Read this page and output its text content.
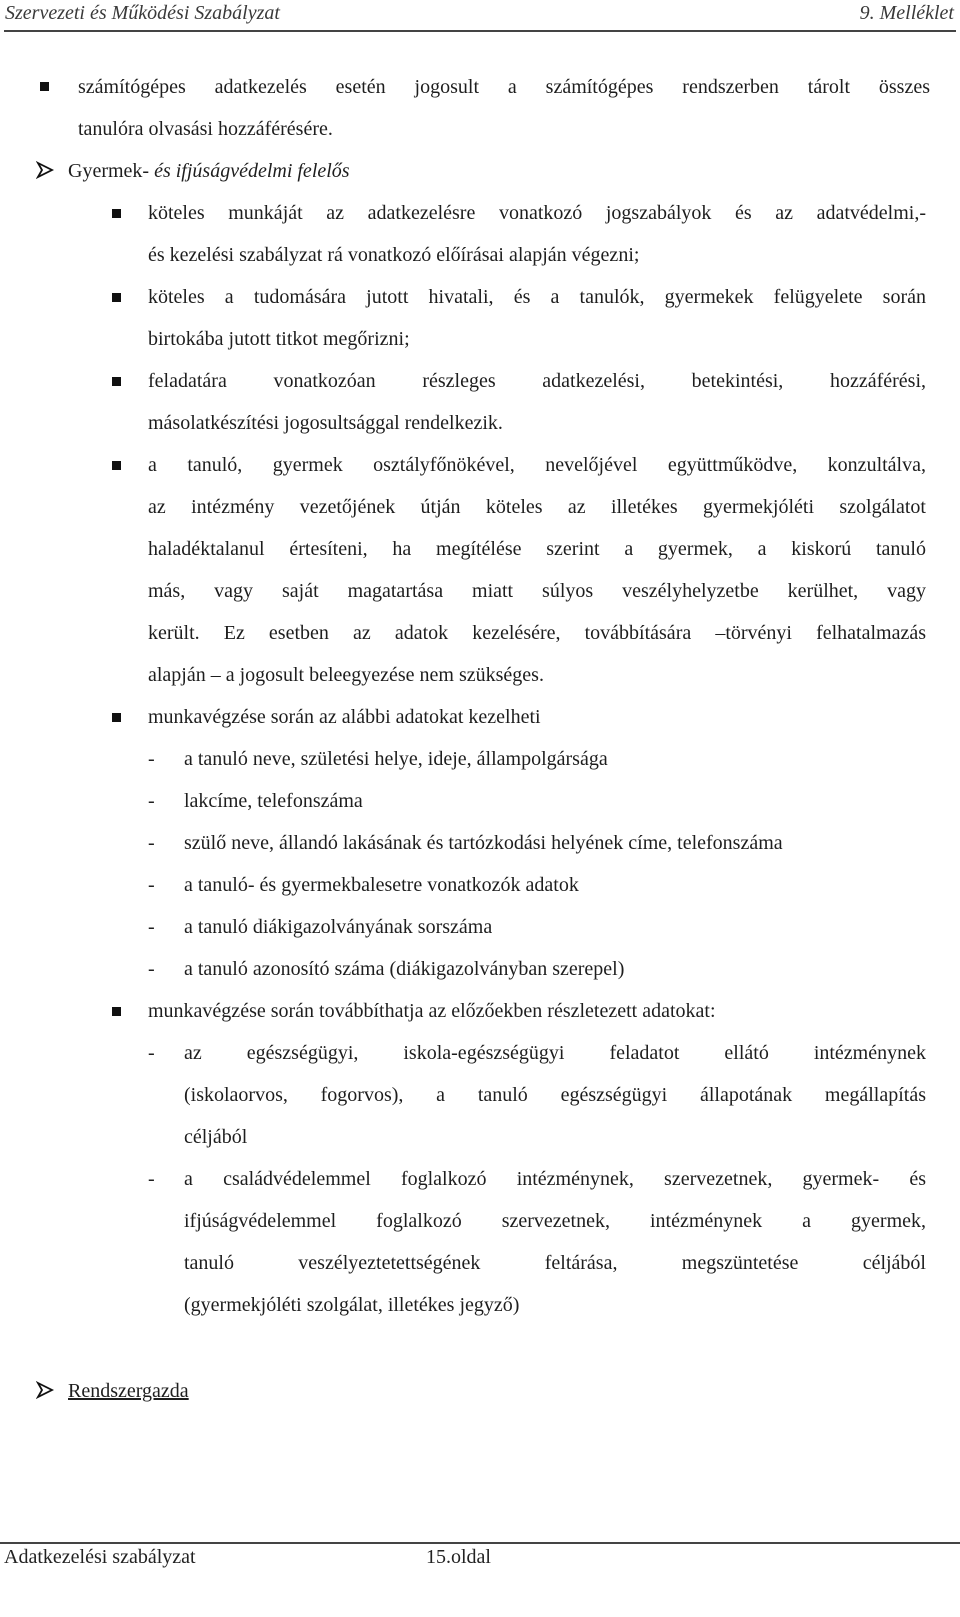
Szervezeti és Működési Szabályzat	9. Melléklet
számítógépes adatkezelés esetén jogosult a számítógépes rendszerben tárolt összes
tanulóra olvasási hozzáférésére.
Gyermek- és ifjúságvédelmi felelős
köteles munkáját az adatkezelésre vonatkozó jogszabályok és az adatvédelmi,-
és kezelési szabályzat rá vonatkozó előírásai alapján végezni;
köteles a tudomására jutott hivatali, és a tanulók, gyermekek felügyelete során
birtokába jutott titkot megőrizni;
feladatára vonatkozóan részleges adatkezelési, betekintési, hozzáférési,
másolatkészítési jogosultsággal rendelkezik.
a tanuló, gyermek osztályfőnökével, nevelőjével együttműködve, konzultálva,
az intézmény vezetőjének útján köteles az illetékes gyermekjóléti szolgálatot
haladéktalanul értesíteni, ha megítélése szerint a gyermek, a kiskorú tanuló
más, vagy saját magatartása miatt súlyos veszélyhelyzetbe kerülhet, vagy
került. Ez esetben az adatok kezelésére, továbbítására –törvényi felhatalmazás
alapján – a jogosult beleegyezése nem szükséges.
munkavégzése során az alábbi adatokat kezelheti
- a tanuló neve, születési helye, ideje, állampolgársága
- lakcíme, telefonszáma
- szülő neve, állandó lakásának és tartózkodási helyének címe, telefonszáma
- a tanuló- és gyermekbalesetre vonatkozók adatok
- a tanuló diákigazolványának sorszáma
- a tanuló azonosító száma (diákigazolványban szerepel)
munkavégzése során továbbíthatja az előzőekben részletezett adatokat:
- az egészségügyi, iskola-egészségügyi feladatot ellátó intézménynek
(iskolaorvos, fogorvos), a tanuló egészségügyi állapotának megállapítás
céljából
- a családvédelemmel foglalkozó intézménynek, szervezetnek, gyermek- és
ifjúságvédelemmel foglalkozó szervezetnek, intézménynek a gyermek,
tanuló veszélyeztetettségének feltárása, megszüntetése céljából
(gyermekjóléti szolgálat, illetékes jegyző)
Rendszergazda
Adatkezelési szabályzat	15.oldal
